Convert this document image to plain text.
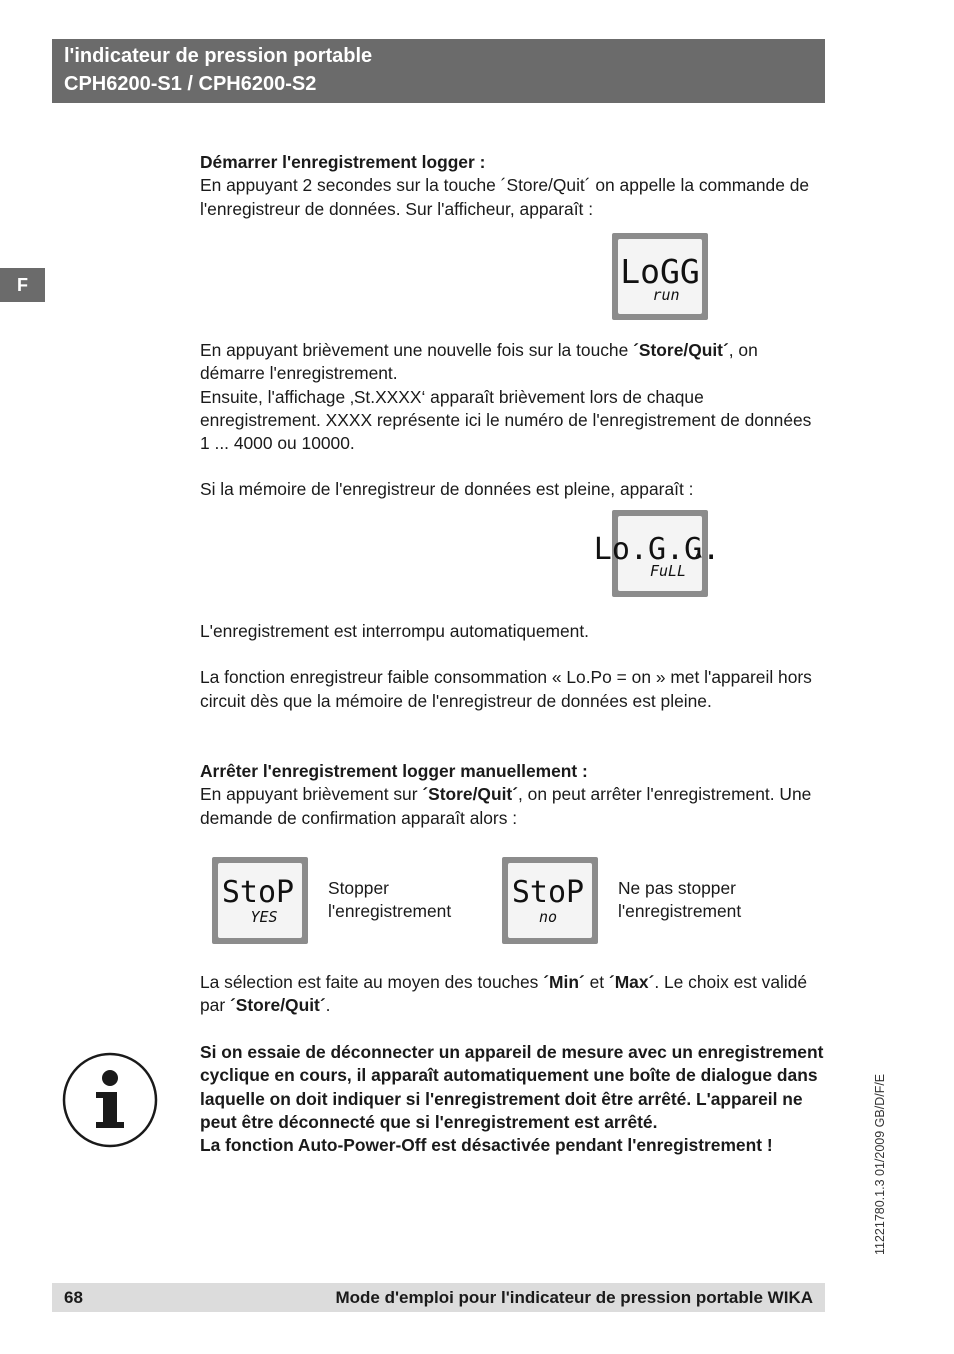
l'indicateur de pression portable
CPH6200-S1 / CPH6200-S2
F

Démarrer l'enregistrement logger :

En appuyant 2 secondes sur la touche ´Store/Quit´ on appelle la commande de l'enregistreur de données. Sur l'afficheur, apparaît :

LoGG
run

En appuyant brièvement une nouvelle fois sur la touche ´Store/Quit´, on démarre l'enregistrement.

Ensuite, l'affichage ‚St.XXXX‘ apparaît brièvement lors de chaque enregistrement. XXXX représente ici le numéro de l'enregistrement de données 1 ... 4000 ou 10000.

Si la mémoire de l'enregistreur de données est pleine, apparaît :

Lo.G.G.
FuLL

L'enregistrement est interrompu automatiquement.

La fonction enregistreur faible consommation « Lo.Po = on » met l'appareil hors circuit dès que la mémoire de l'enregistreur de données est pleine.

Arrêter l'enregistrement logger manuellement :

En appuyant brièvement sur ´Store/Quit´, on peut arrêter l'enregistrement. Une demande de confirmation apparaît alors :

StoP
YES
Stopper
l'enregistrement
StoP
no
Ne pas stopper
l'enregistrement

La sélection est faite au moyen des touches ´Min´ et ´Max´. Le choix est validé par ´Store/Quit´.

Si on essaie de déconnecter un appareil de mesure avec un enregistrement cyclique en cours, il apparaît automatiquement une boîte de dialogue dans laquelle on doit indiquer si l'enregistrement doit être arrêté. L'appareil ne peut être déconnecté que si l'enregistrement est arrêté.

La fonction Auto-Power-Off est désactivée pendant l'enregistrement !	11221780.1.3 01/2009 GB/D/F/E
68	Mode d'emploi pour l'indicateur de pression portable WIKA
